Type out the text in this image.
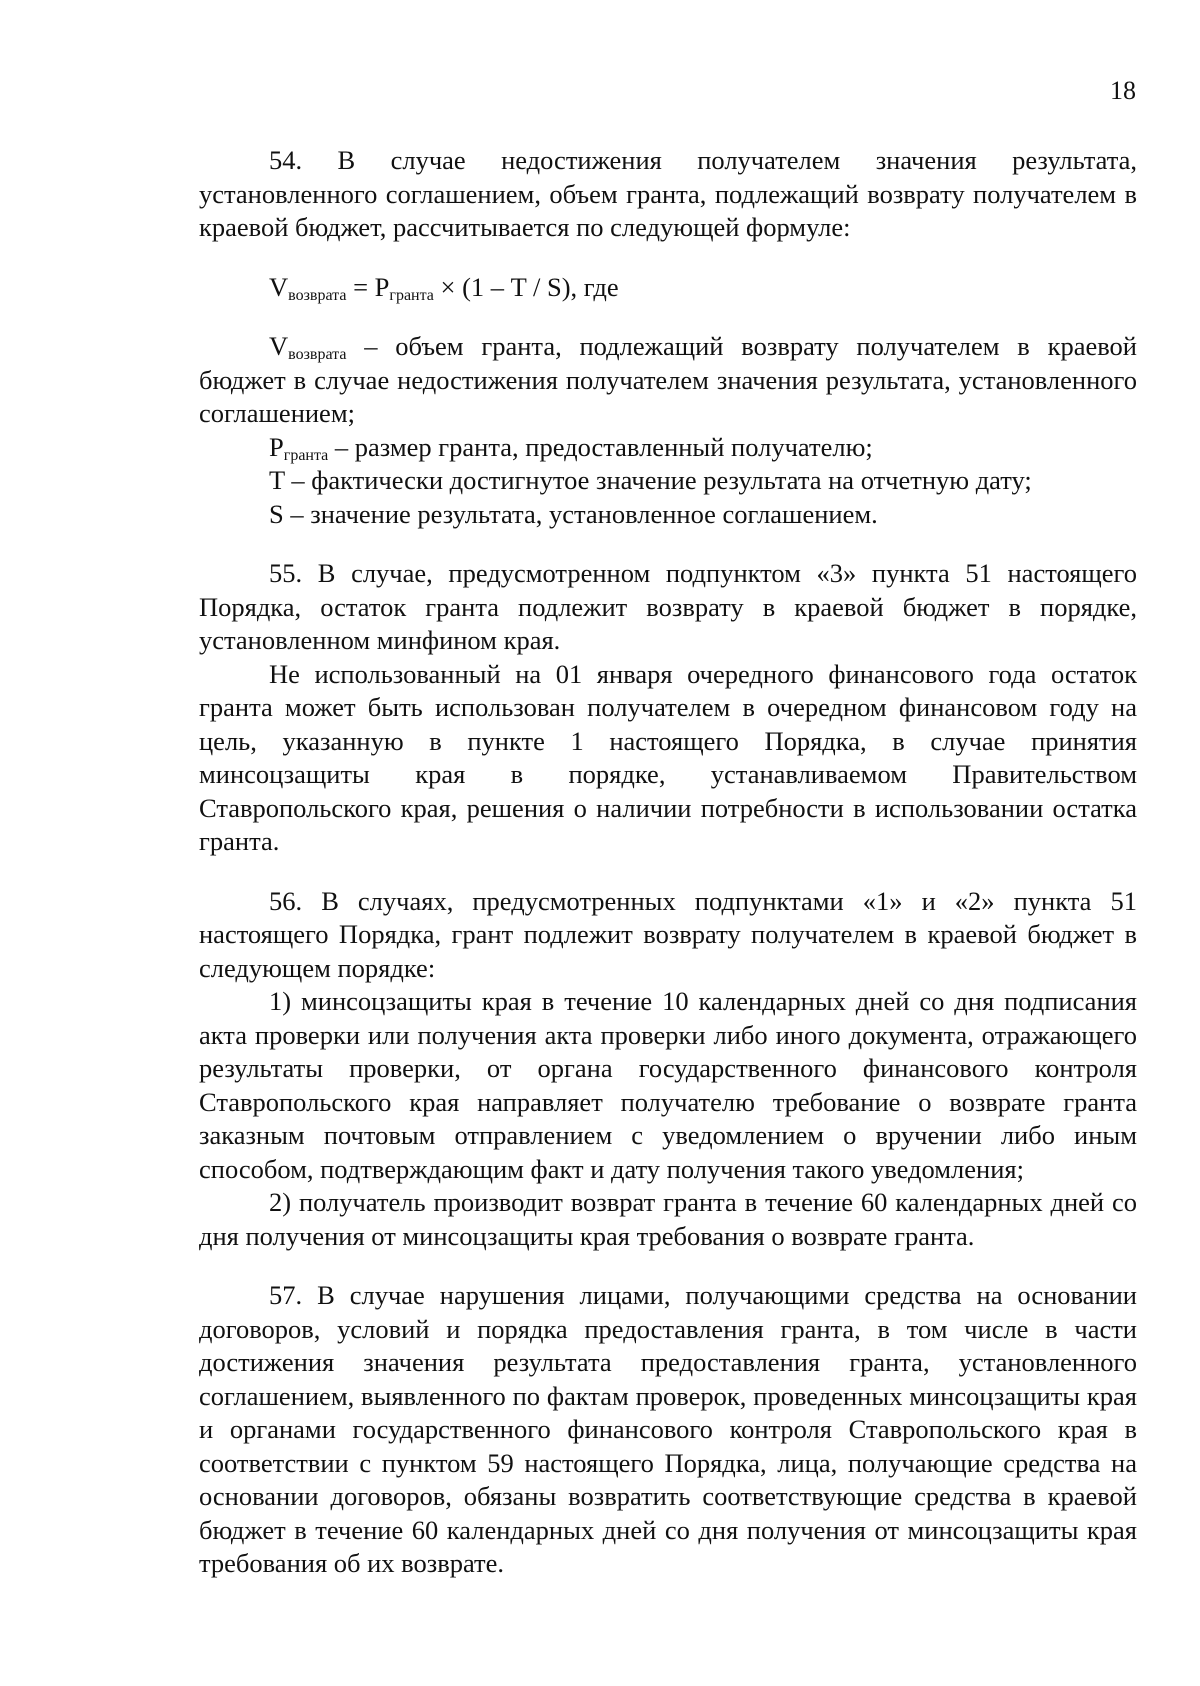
18

54. В случае недостижения получателем значения результата, установленного соглашением, объем гранта, подлежащий возврату получателем в краевой бюджет, рассчитывается по следующей формуле:

$V_{возврата} = P_{гранта} \times (1 - T / S)$, где

$V_{возврата}$ – объем гранта, подлежащий возврату получателем в краевой бюджет в случае недостижения получателем значения результата, установленного соглашением;

$P_{гранта}$ – размер гранта, предоставленный получателю;

T – фактически достигнутое значение результата на отчетную дату;

S – значение результата, установленное соглашением.

55. В случае, предусмотренном подпунктом «3» пункта 51 настоящего Порядка, остаток гранта подлежит возврату в краевой бюджет в порядке, установленном минфином края.

Не использованный на 01 января очередного финансового года остаток гранта может быть использован получателем в очередном финансовом году на цель, указанную в пункте 1 настоящего Порядка, в случае принятия минсоцзащиты края в порядке, устанавливаемом Правительством Ставропольского края, решения о наличии потребности в использовании остатка гранта.

56. В случаях, предусмотренных подпунктами «1» и «2» пункта 51 настоящего Порядка, грант подлежит возврату получателем в краевой бюджет в следующем порядке:

1) минсоцзащиты края в течение 10 календарных дней со дня подписания акта проверки или получения акта проверки либо иного документа, отражающего результаты проверки, от органа государственного финансового контроля Ставропольского края направляет получателю требование о возврате гранта заказным почтовым отправлением с уведомлением о вручении либо иным способом, подтверждающим факт и дату получения такого уведомления;

2) получатель производит возврат гранта в течение 60 календарных дней со дня получения от минсоцзащиты края требования о возврате гранта.

57. В случае нарушения лицами, получающими средства на основании договоров, условий и порядка предоставления гранта, в том числе в части достижения значения результата предоставления гранта, установленного соглашением, выявленного по фактам проверок, проведенных минсоцзащиты края и органами государственного финансового контроля Ставропольского края в соответствии с пунктом 59 настоящего Порядка, лица, получающие средства на основании договоров, обязаны возвратить соответствующие средства в краевой бюджет в течение 60 календарных дней со дня получения от минсоцзащиты края требования об их возврате.
